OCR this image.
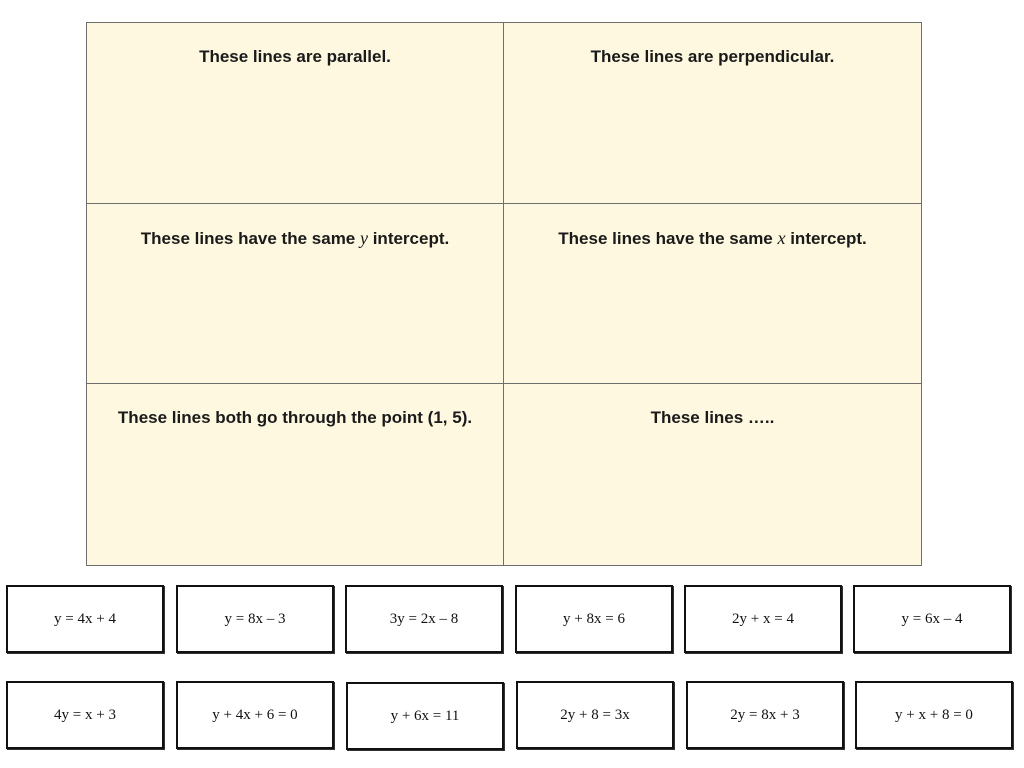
These lines are parallel.	These lines are perpendicular.
These lines have the same y intercept.	These lines have the same x intercept.
These lines both go through the point (1, 5).	These lines …..
y = 4x + 4	y = 8x – 3	3y = 2x – 8	y + 8x = 6	2y + x = 4	y = 6x – 4
4y = x + 3	y + 4x + 6 = 0	y + 6x = 11	2y + 8 = 3x	2y = 8x + 3	y + x + 8 = 0
